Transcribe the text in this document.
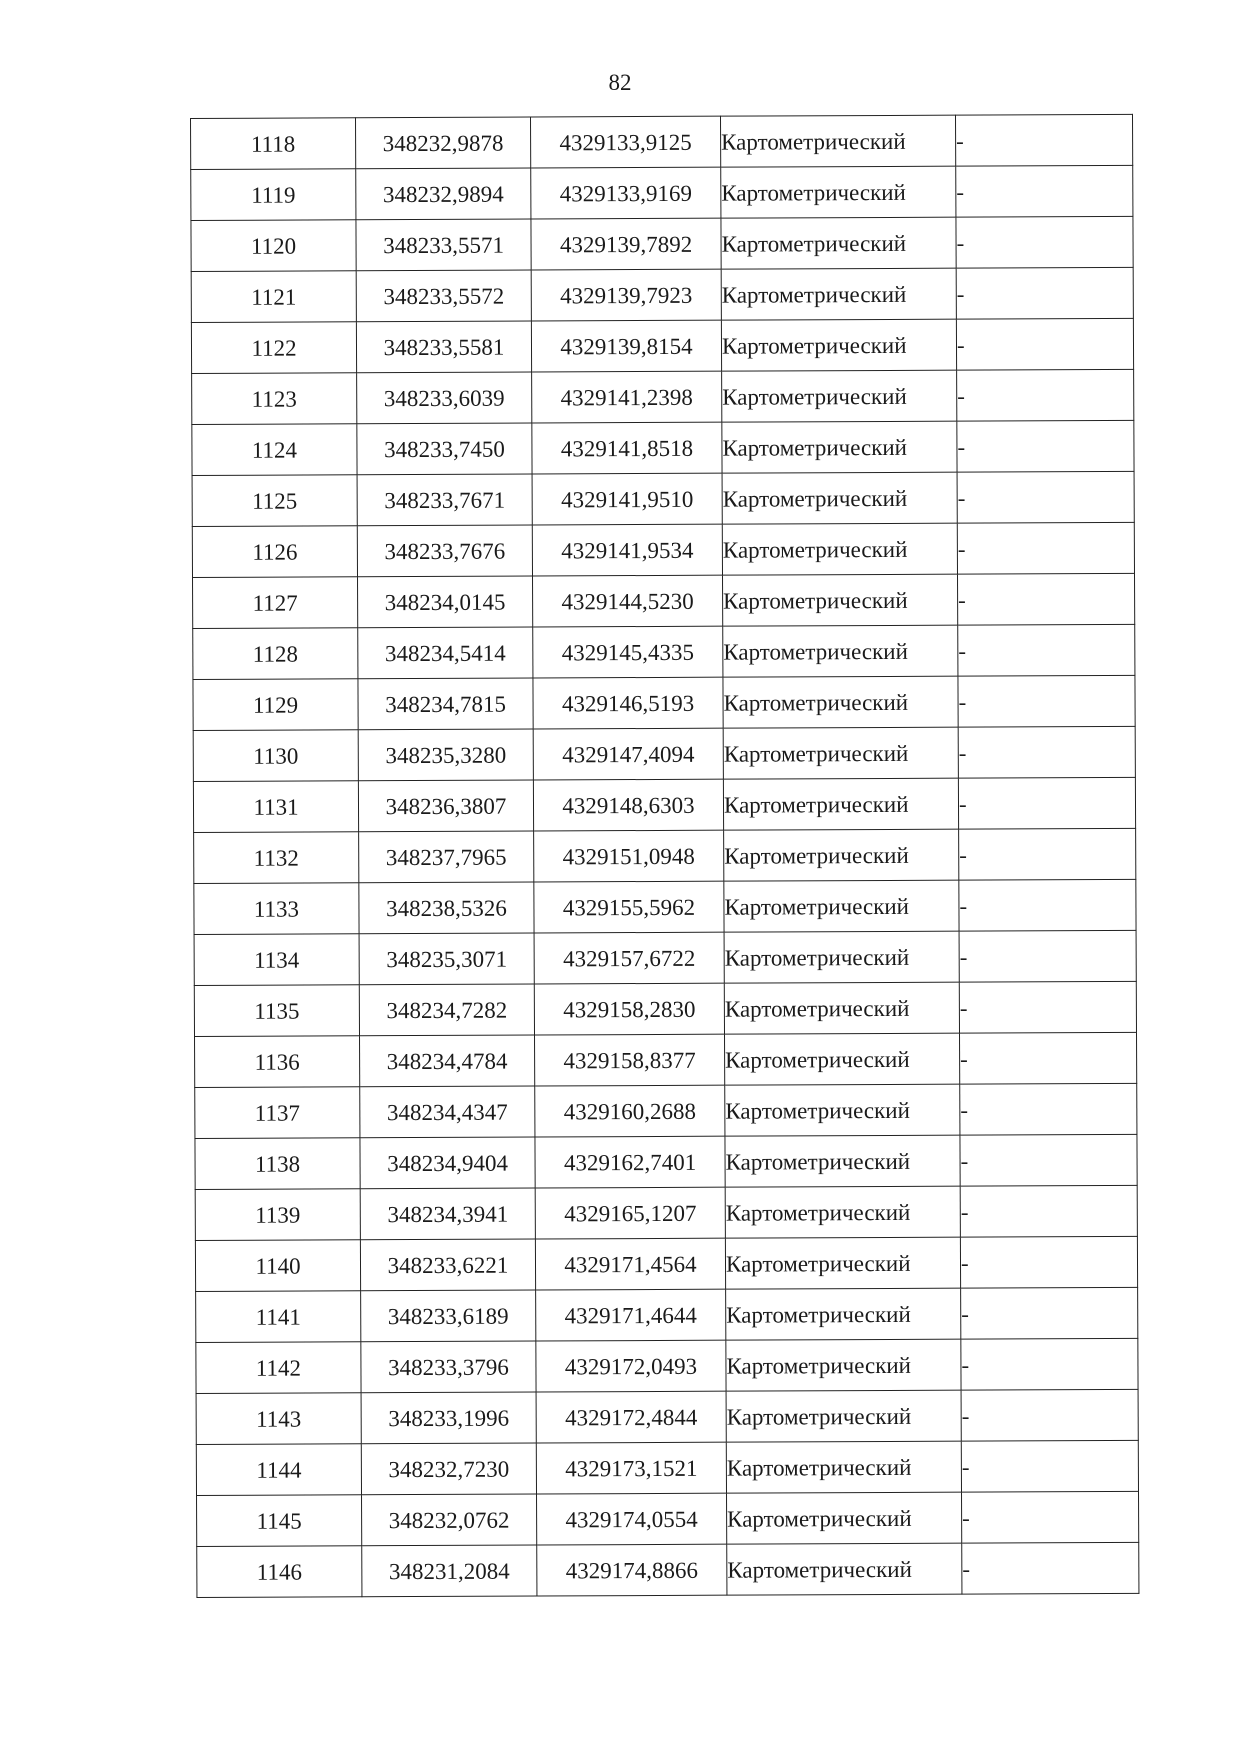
82
1118	348232,9878	4329133,9125	Картометрический	-
1119	348232,9894	4329133,9169	Картометрический	-
1120	348233,5571	4329139,7892	Картометрический	-
1121	348233,5572	4329139,7923	Картометрический	-
1122	348233,5581	4329139,8154	Картометрический	-
1123	348233,6039	4329141,2398	Картометрический	-
1124	348233,7450	4329141,8518	Картометрический	-
1125	348233,7671	4329141,9510	Картометрический	-
1126	348233,7676	4329141,9534	Картометрический	-
1127	348234,0145	4329144,5230	Картометрический	-
1128	348234,5414	4329145,4335	Картометрический	-
1129	348234,7815	4329146,5193	Картометрический	-
1130	348235,3280	4329147,4094	Картометрический	-
1131	348236,3807	4329148,6303	Картометрический	-
1132	348237,7965	4329151,0948	Картометрический	-
1133	348238,5326	4329155,5962	Картометрический	-
1134	348235,3071	4329157,6722	Картометрический	-
1135	348234,7282	4329158,2830	Картометрический	-
1136	348234,4784	4329158,8377	Картометрический	-
1137	348234,4347	4329160,2688	Картометрический	-
1138	348234,9404	4329162,7401	Картометрический	-
1139	348234,3941	4329165,1207	Картометрический	-
1140	348233,6221	4329171,4564	Картометрический	-
1141	348233,6189	4329171,4644	Картометрический	-
1142	348233,3796	4329172,0493	Картометрический	-
1143	348233,1996	4329172,4844	Картометрический	-
1144	348232,7230	4329173,1521	Картометрический	-
1145	348232,0762	4329174,0554	Картометрический	-
1146	348231,2084	4329174,8866	Картометрический	-
